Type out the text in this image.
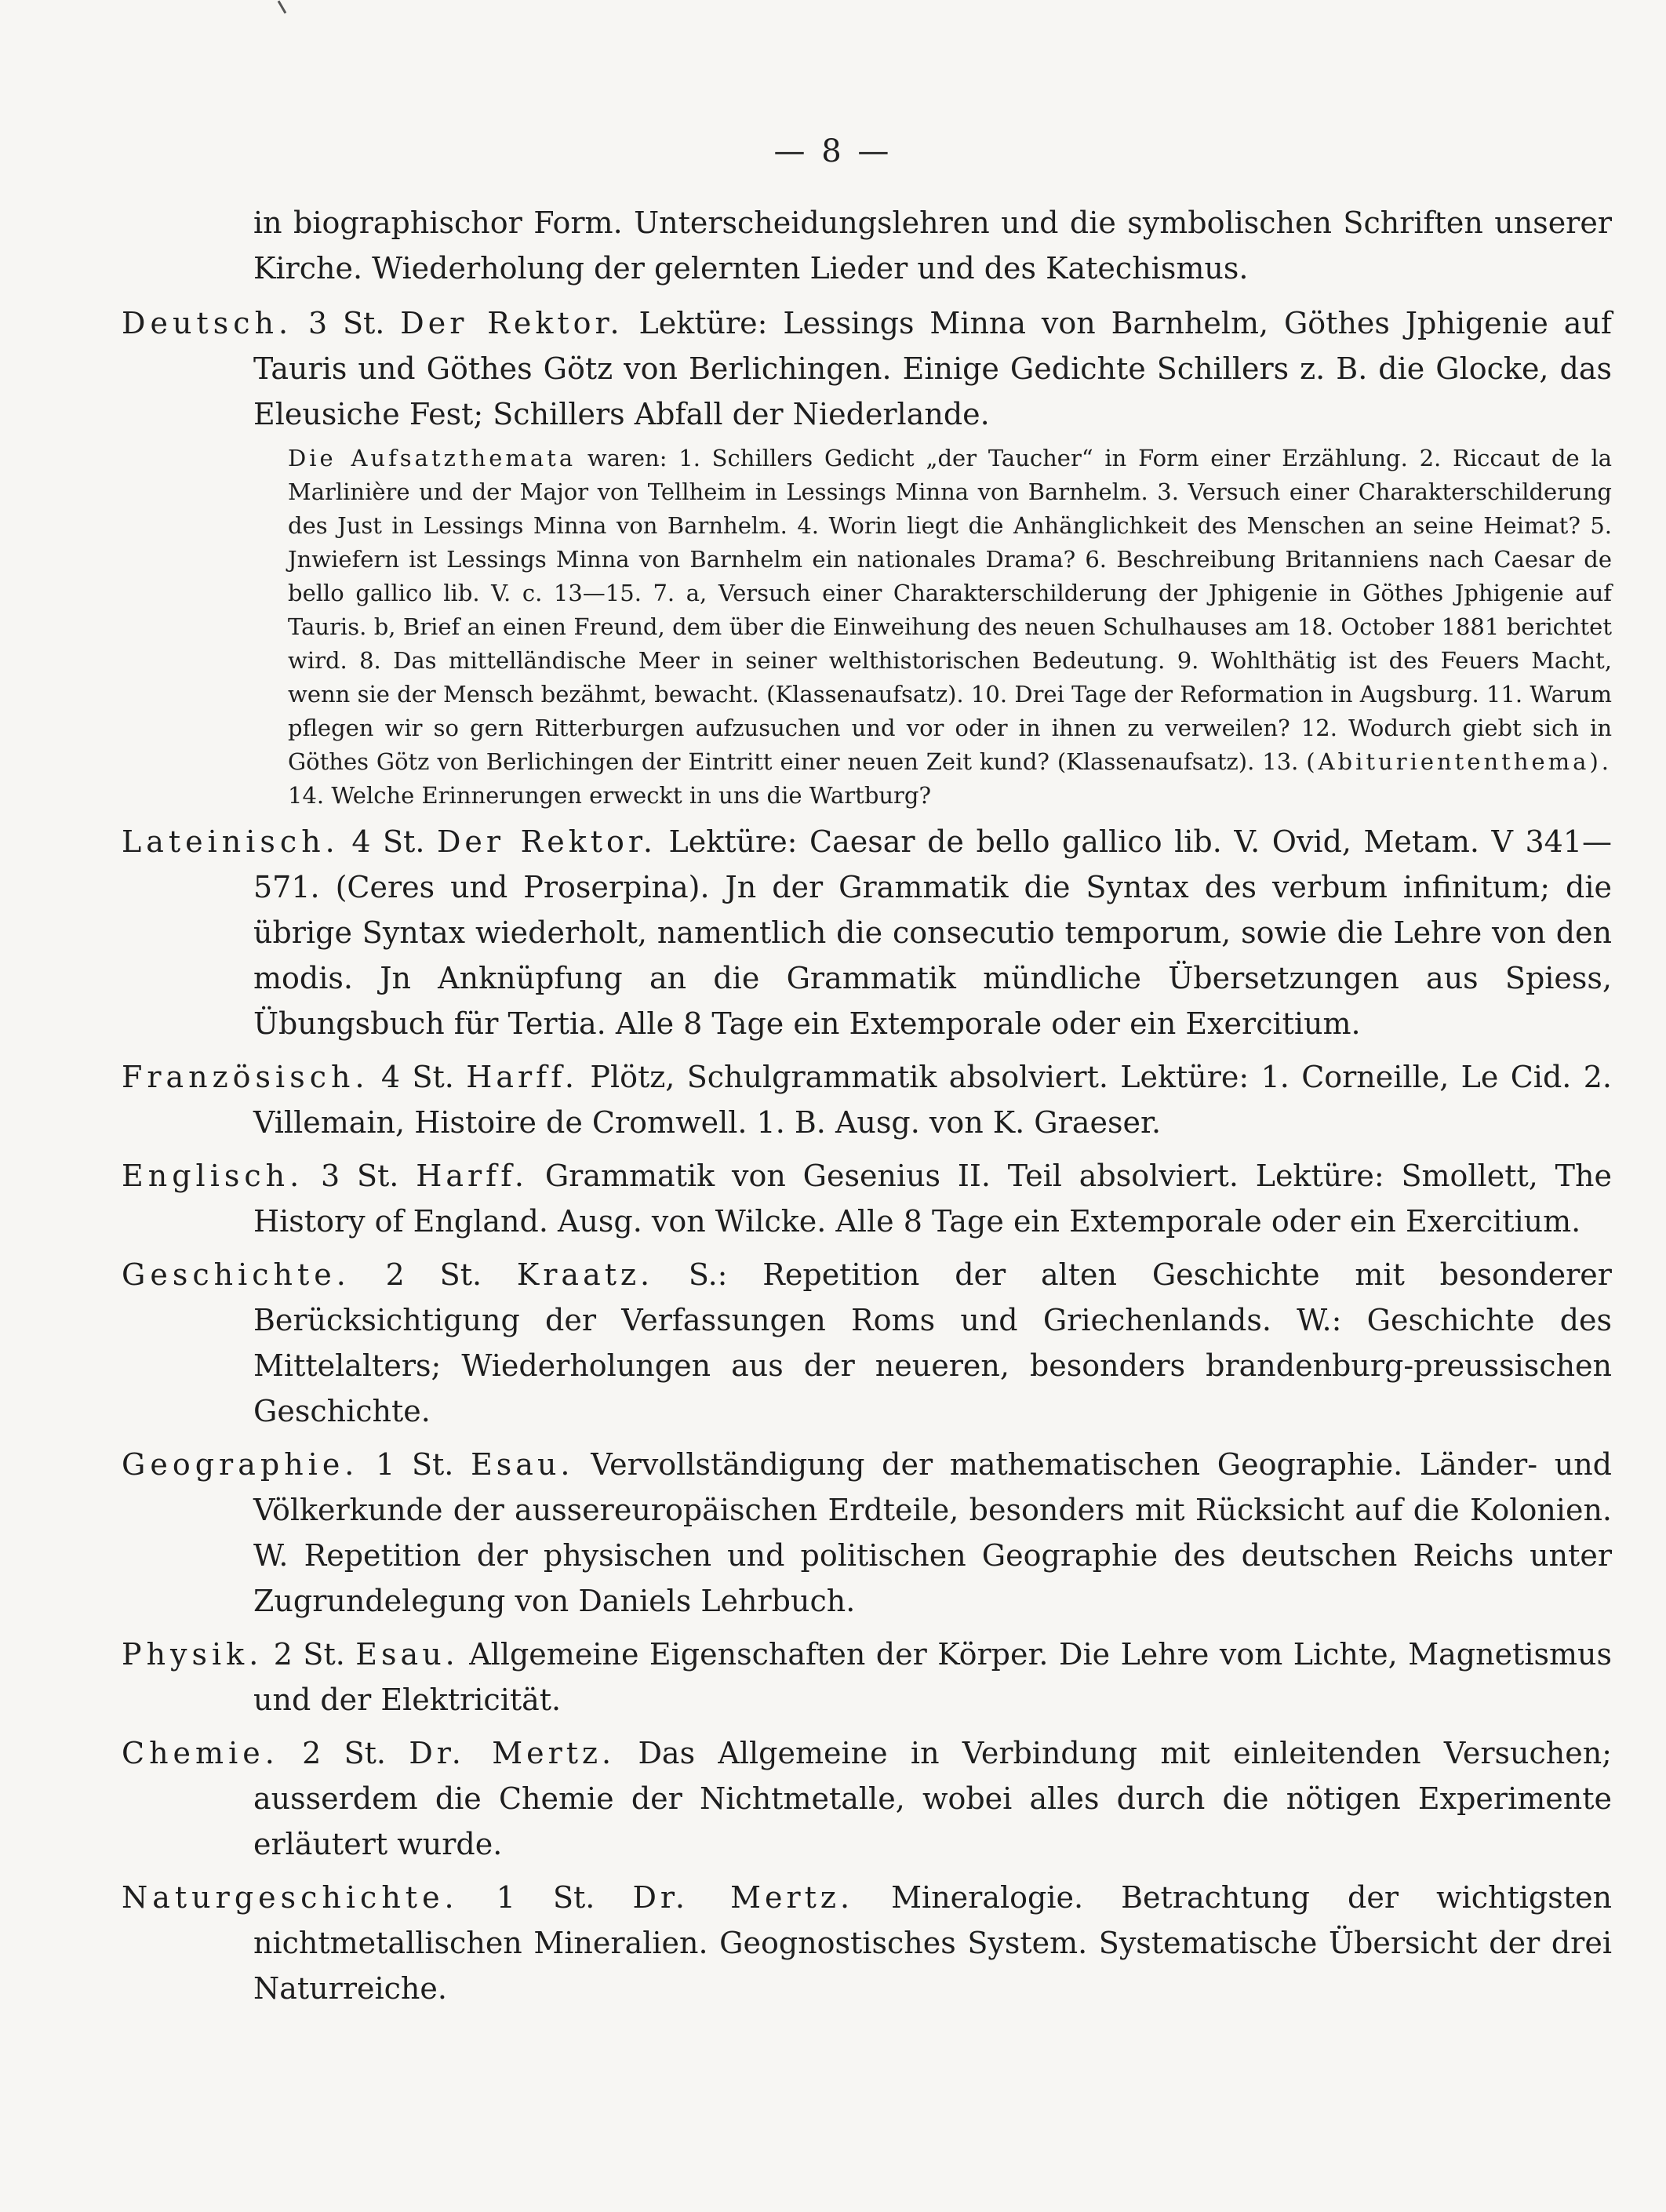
— 8 —

in biographischor Form. Unterscheidungslehren und die symbolischen Schriften unserer Kirche. Wiederholung der gelernten Lieder und des Katechismus.

Deutsch. 3 St. Der Rektor. Lektüre: Lessings Minna von Barnhelm, Göthes Jphigenie auf Tauris und Göthes Götz von Berlichingen. Einige Gedichte Schillers z. B. die Glocke, das Eleusiche Fest; Schillers Abfall der Niederlande.

Die Aufsatzthemata waren: 1. Schillers Gedicht „der Taucher“ in Form einer Erzählung. 2. Riccaut de la Marlinière und der Major von Tellheim in Lessings Minna von Barnhelm. 3. Versuch einer Charakterschilderung des Just in Lessings Minna von Barnhelm. 4. Worin liegt die Anhänglichkeit des Menschen an seine Heimat? 5. Jnwiefern ist Lessings Minna von Barnhelm ein nationales Drama? 6. Beschreibung Britanniens nach Caesar de bello gallico lib. V. c. 13—15. 7. a, Versuch einer Charakterschilderung der Jphigenie in Göthes Jphigenie auf Tauris. b, Brief an einen Freund, dem über die Einweihung des neuen Schulhauses am 18. October 1881 berichtet wird. 8. Das mittelländische Meer in seiner welthistorischen Bedeutung. 9. Wohlthätig ist des Feuers Macht, wenn sie der Mensch bezähmt, bewacht. (Klassenaufsatz). 10. Drei Tage der Reformation in Augsburg. 11. Warum pflegen wir so gern Ritterburgen aufzusuchen und vor oder in ihnen zu verweilen? 12. Wodurch giebt sich in Göthes Götz von Berlichingen der Eintritt einer neuen Zeit kund? (Klassenaufsatz). 13. (Abituriententhema). 14. Welche Erinnerungen erweckt in uns die Wartburg?

Lateinisch. 4 St. Der Rektor. Lektüre: Caesar de bello gallico lib. V. Ovid, Metam. V 341—571. (Ceres und Proserpina). Jn der Grammatik die Syntax des verbum infinitum; die übrige Syntax wiederholt, namentlich die consecutio temporum, sowie die Lehre von den modis. Jn Anknüpfung an die Grammatik mündliche Übersetzungen aus Spiess, Übungsbuch für Tertia. Alle 8 Tage ein Extemporale oder ein Exercitium.

Französisch. 4 St. Harff. Plötz, Schulgrammatik absolviert. Lektüre: 1. Corneille, Le Cid. 2. Villemain, Histoire de Cromwell. 1. B. Ausg. von K. Graeser.

Englisch. 3 St. Harff. Grammatik von Gesenius II. Teil absolviert. Lektüre: Smollett, The History of England. Ausg. von Wilcke. Alle 8 Tage ein Extemporale oder ein Exercitium.

Geschichte. 2 St. Kraatz. S.: Repetition der alten Geschichte mit besonderer Berücksichtigung der Verfassungen Roms und Griechenlands. W.: Geschichte des Mittelalters; Wiederholungen aus der neueren, besonders brandenburg-preussischen Geschichte.

Geographie. 1 St. Esau. Vervollständigung der mathematischen Geographie. Länder- und Völkerkunde der aussereuropäischen Erdteile, besonders mit Rücksicht auf die Kolonien. W. Repetition der physischen und politischen Geographie des deutschen Reichs unter Zugrundelegung von Daniels Lehrbuch.

Physik. 2 St. Esau. Allgemeine Eigenschaften der Körper. Die Lehre vom Lichte, Magnetismus und der Elektricität.

Chemie. 2 St. Dr. Mertz. Das Allgemeine in Verbindung mit einleitenden Versuchen; ausserdem die Chemie der Nichtmetalle, wobei alles durch die nötigen Experimente erläutert wurde.

Naturgeschichte. 1 St. Dr. Mertz. Mineralogie. Betrachtung der wichtigsten nichtmetallischen Mineralien. Geognostisches System. Systematische Übersicht der drei Naturreiche.
